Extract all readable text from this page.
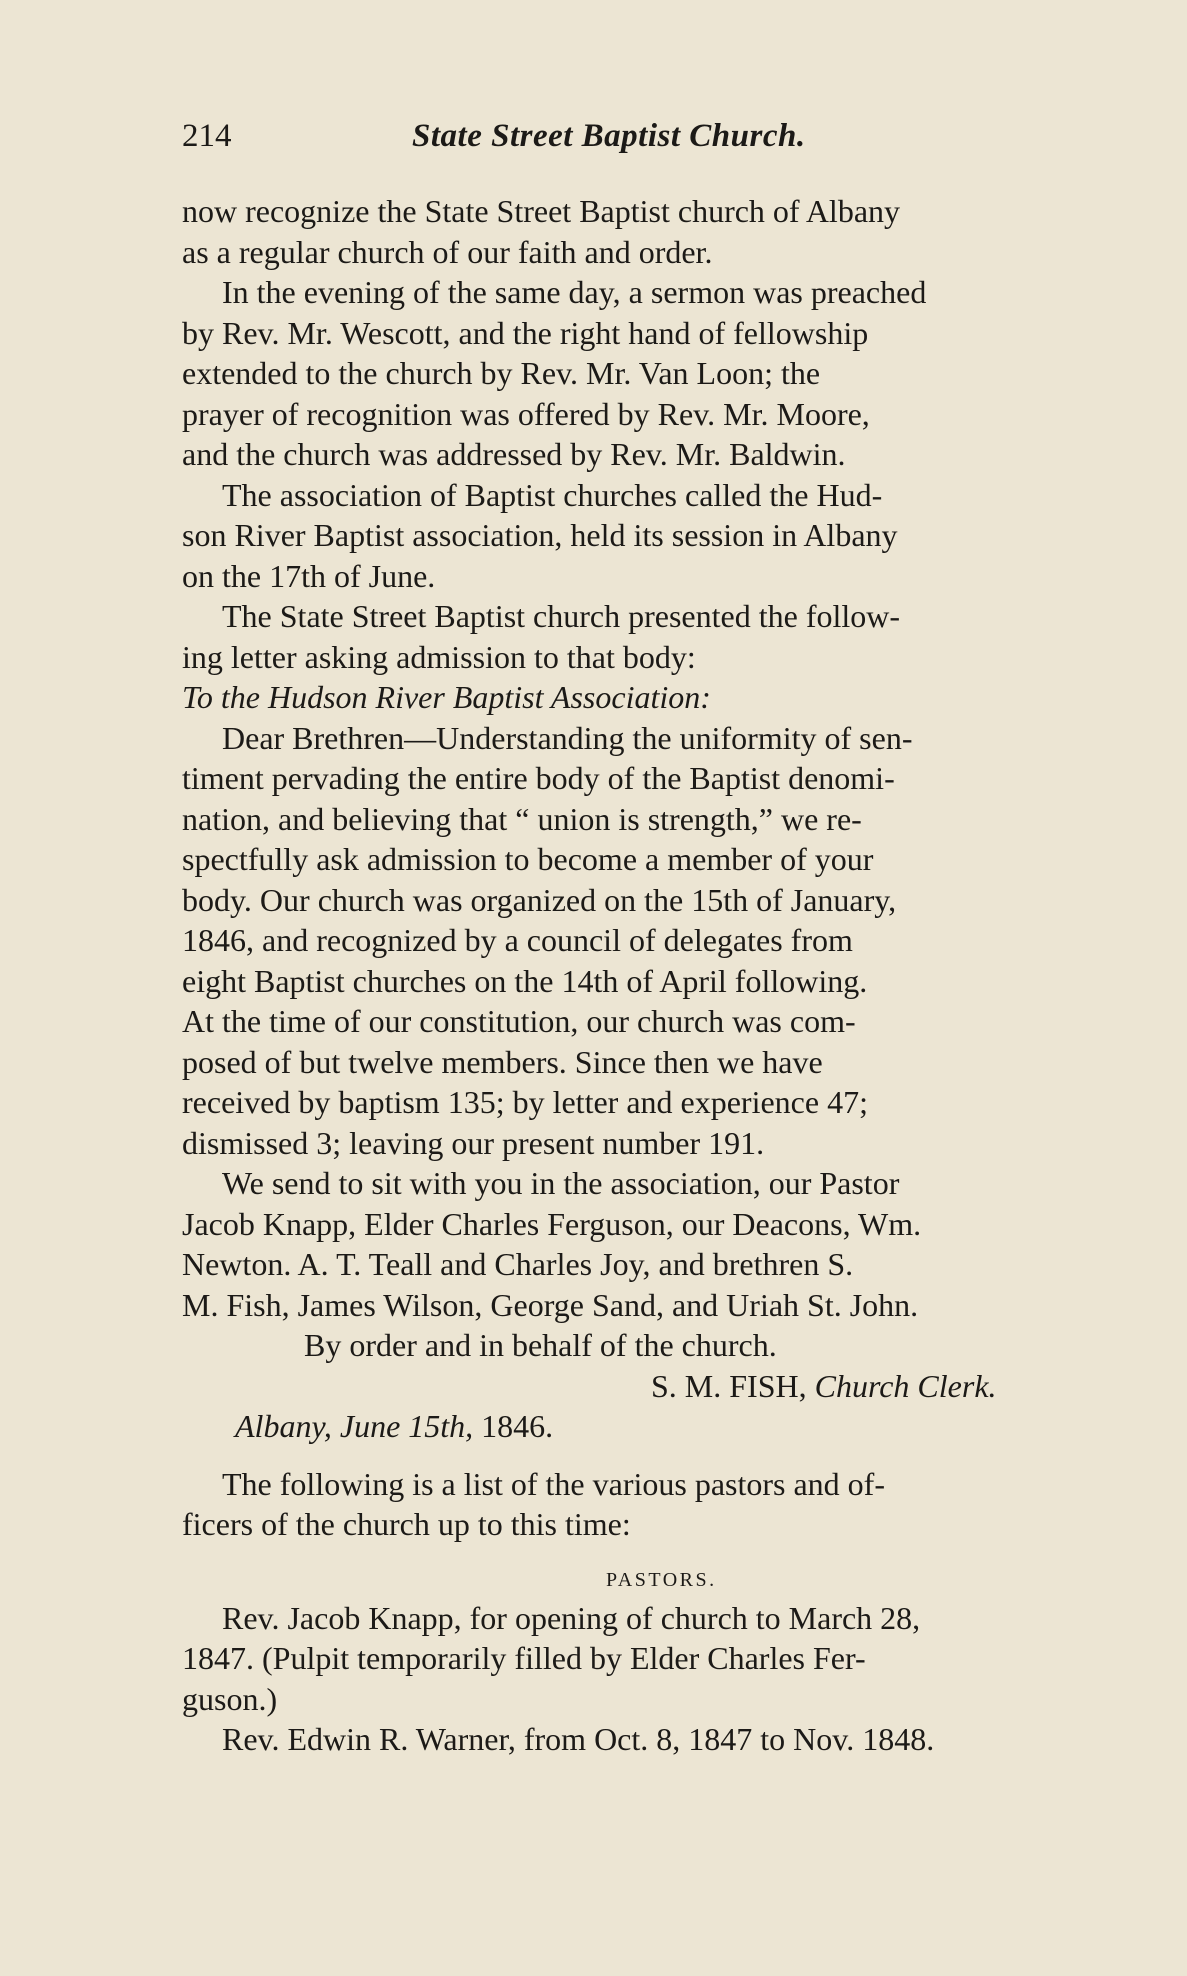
214	State Street Baptist Church.
now recognize the State Street Baptist church of Albany
as a regular church of our faith and order.
In the evening of the same day, a sermon was preached
by Rev. Mr. Wescott, and the right hand of fellowship
extended to the church by Rev. Mr. Van Loon; the
prayer of recognition was offered by Rev. Mr. Moore,
and the church was addressed by Rev. Mr. Baldwin.
The association of Baptist churches called the Hud-
son River Baptist association, held its session in Albany
on the 17th of June.
The State Street Baptist church presented the follow-
ing letter asking admission to that body:
To the Hudson River Baptist Association:
Dear Brethren—Understanding the uniformity of sen-
timent pervading the entire body of the Baptist denomi-
nation, and believing that “ union is strength,” we re-
spectfully ask admission to become a member of your
body. Our church was organized on the 15th of January,
1846, and recognized by a council of delegates from
eight Baptist churches on the 14th of April following.
At the time of our constitution, our church was com-
posed of but twelve members. Since then we have
received by baptism 135; by letter and experience 47;
dismissed 3; leaving our present number 191.
We send to sit with you in the association, our Pastor
Jacob Knapp, Elder Charles Ferguson, our Deacons, Wm.
Newton. A. T. Teall and Charles Joy, and brethren S.
M. Fish, James Wilson, George Sand, and Uriah St. John.
By order and in behalf of the church.
S. M. FISH, Church Clerk.
Albany, June 15th, 1846.
The following is a list of the various pastors and of-
ficers of the church up to this time:
PASTORS.
Rev. Jacob Knapp, for opening of church to March 28,
1847. (Pulpit temporarily filled by Elder Charles Fer-
guson.)
Rev. Edwin R. Warner, from Oct. 8, 1847 to Nov. 1848.
